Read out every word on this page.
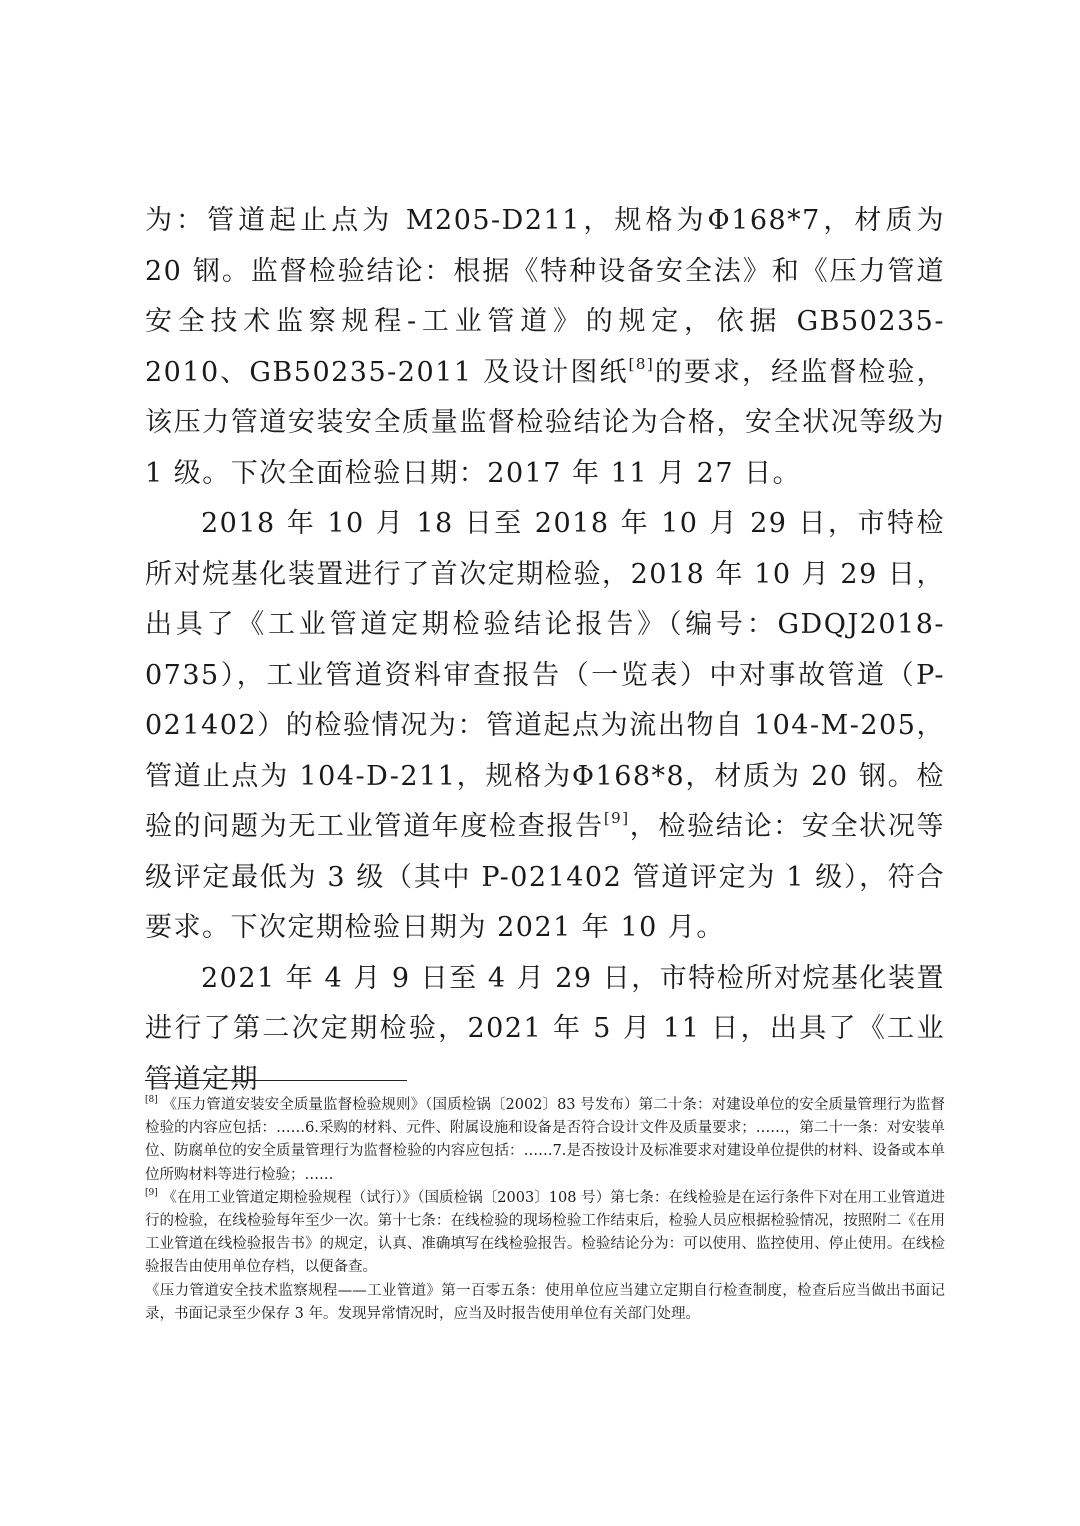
为：管道起止点为 M205-D211，规格为Φ168*7，材质为 20 钢。监督检验结论：根据《特种设备安全法》和《压力管道安全技术监察规程-工业管道》的规定，依据 GB50235-2010、GB50235-2011 及设计图纸[8]的要求，经监督检验，该压力管道安装安全质量监督检验结论为合格，安全状况等级为 1 级。下次全面检验日期：2017 年 11 月 27 日。

2018 年 10 月 18 日至 2018 年 10 月 29 日，市特检所对烷基化装置进行了首次定期检验，2018 年 10 月 29 日，出具了《工业管道定期检验结论报告》（编号：GDQJ2018-0735），工业管道资料审查报告（一览表）中对事故管道（P-021402）的检验情况为：管道起点为流出物自 104-M-205，管道止点为 104-D-211，规格为Φ168*8，材质为 20 钢。检验的问题为无工业管道年度检查报告[9]，检验结论：安全状况等级评定最低为 3 级（其中 P-021402 管道评定为 1 级），符合要求。下次定期检验日期为 2021 年 10 月。

2021 年 4 月 9 日至 4 月 29 日，市特检所对烷基化装置进行了第二次定期检验，2021 年 5 月 11 日，出具了《工业管道定期

[8] 《压力管道安装安全质量监督检验规则》（国质检锅〔2002〕83 号发布）第二十条：对建设单位的安全质量管理行为监督检验的内容应包括：……6.采购的材料、元件、附属设施和设备是否符合设计文件及质量要求；……，第二十一条：对安装单位、防腐单位的安全质量管理行为监督检验的内容应包括：……7.是否按设计及标准要求对建设单位提供的材料、设备或本单位所购材料等进行检验；……

[9] 《在用工业管道定期检验规程（试行）》（国质检锅〔2003〕108 号）第七条：在线检验是在运行条件下对在用工业管道进行的检验，在线检验每年至少一次。第十七条：在线检验的现场检验工作结束后，检验人员应根据检验情况，按照附二《在用工业管道在线检验报告书》的规定，认真、准确填写在线检验报告。检验结论分为：可以使用、监控使用、停止使用。在线检验报告由使用单位存档，以便备查。

《压力管道安全技术监察规程——工业管道》第一百零五条：使用单位应当建立定期自行检查制度，检查后应当做出书面记录，书面记录至少保存 3 年。发现异常情况时，应当及时报告使用单位有关部门处理。
